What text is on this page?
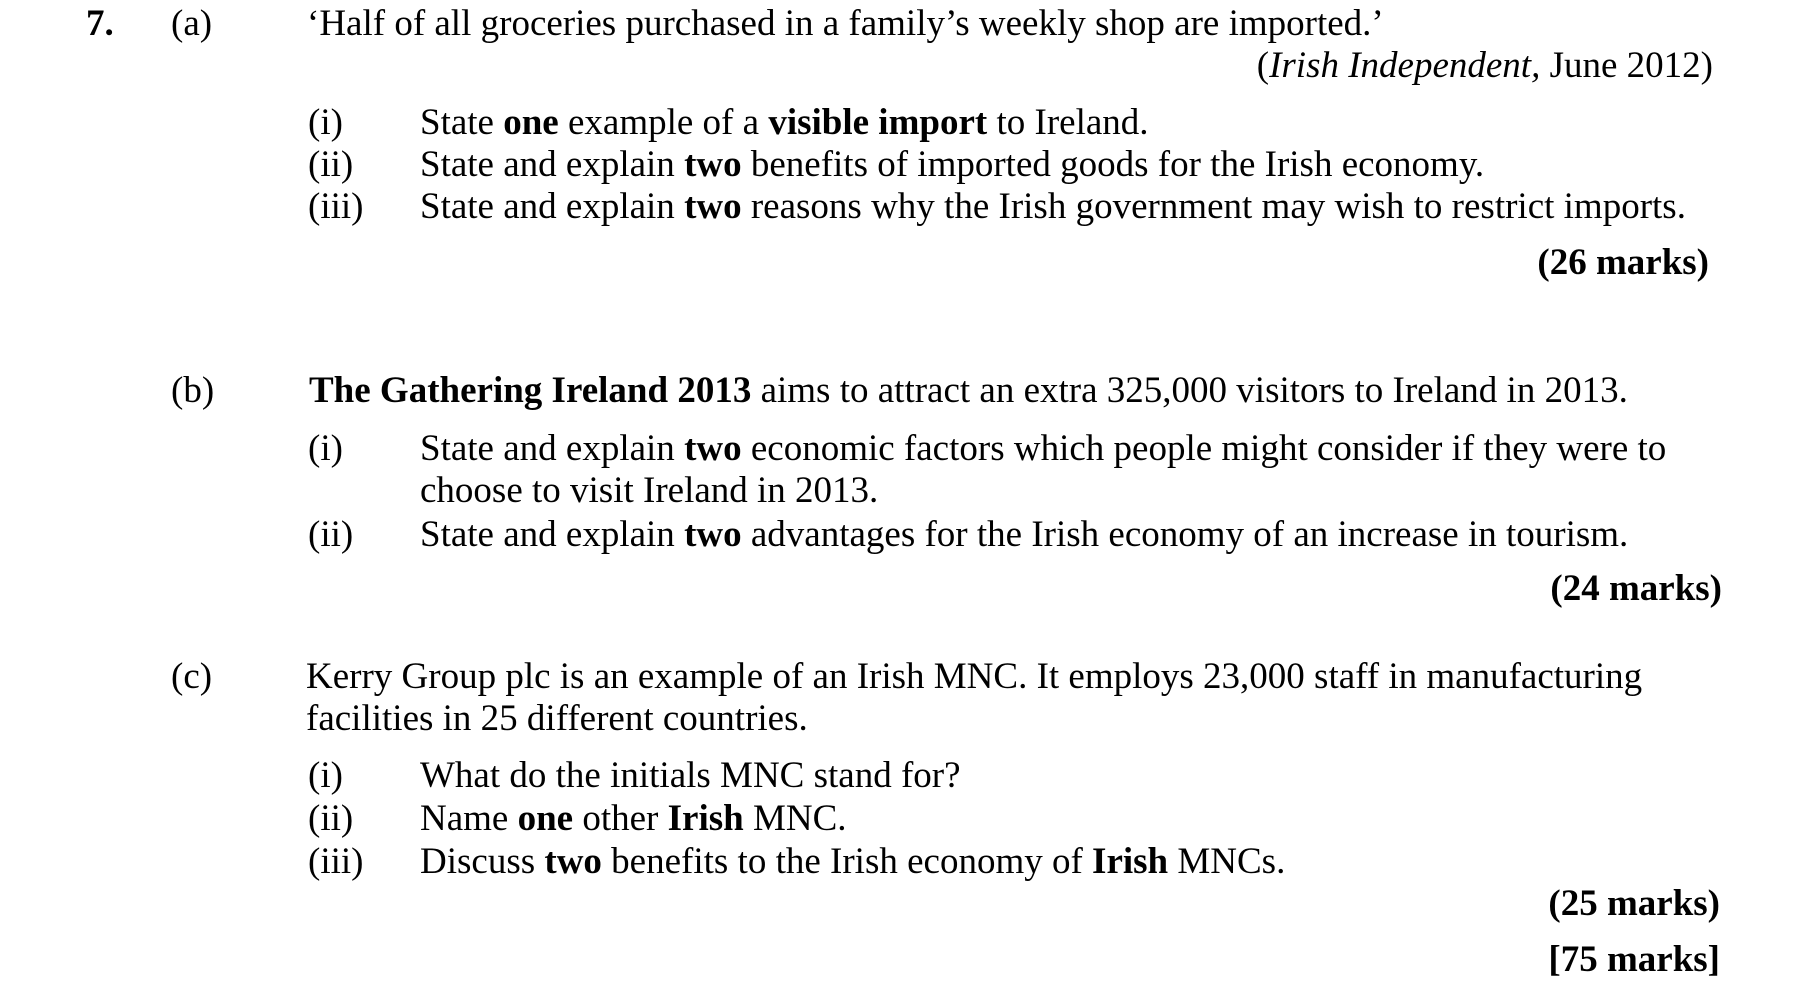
7. (a)	‘Half of all groceries purchased in a family’s weekly shop are imported.’
(Irish Independent, June 2012)
(i) State one example of a visible import to Ireland.
(ii) State and explain two benefits of imported goods for the Irish economy.
(iii) State and explain two reasons why the Irish government may wish to restrict imports.
(26 marks)
(b)	The Gathering Ireland 2013 aims to attract an extra 325,000 visitors to Ireland in 2013.
(i) State and explain two economic factors which people might consider if they were to
choose to visit Ireland in 2013.
(ii) State and explain two advantages for the Irish economy of an increase in tourism.
(24 marks)
(c)	Kerry Group plc is an example of an Irish MNC. It employs 23,000 staff in manufacturing
facilities in 25 different countries.
(i) What do the initials MNC stand for?
(ii) Name one other Irish MNC.
(iii) Discuss two benefits to the Irish economy of Irish MNCs.
(25 marks)
[75 marks]
